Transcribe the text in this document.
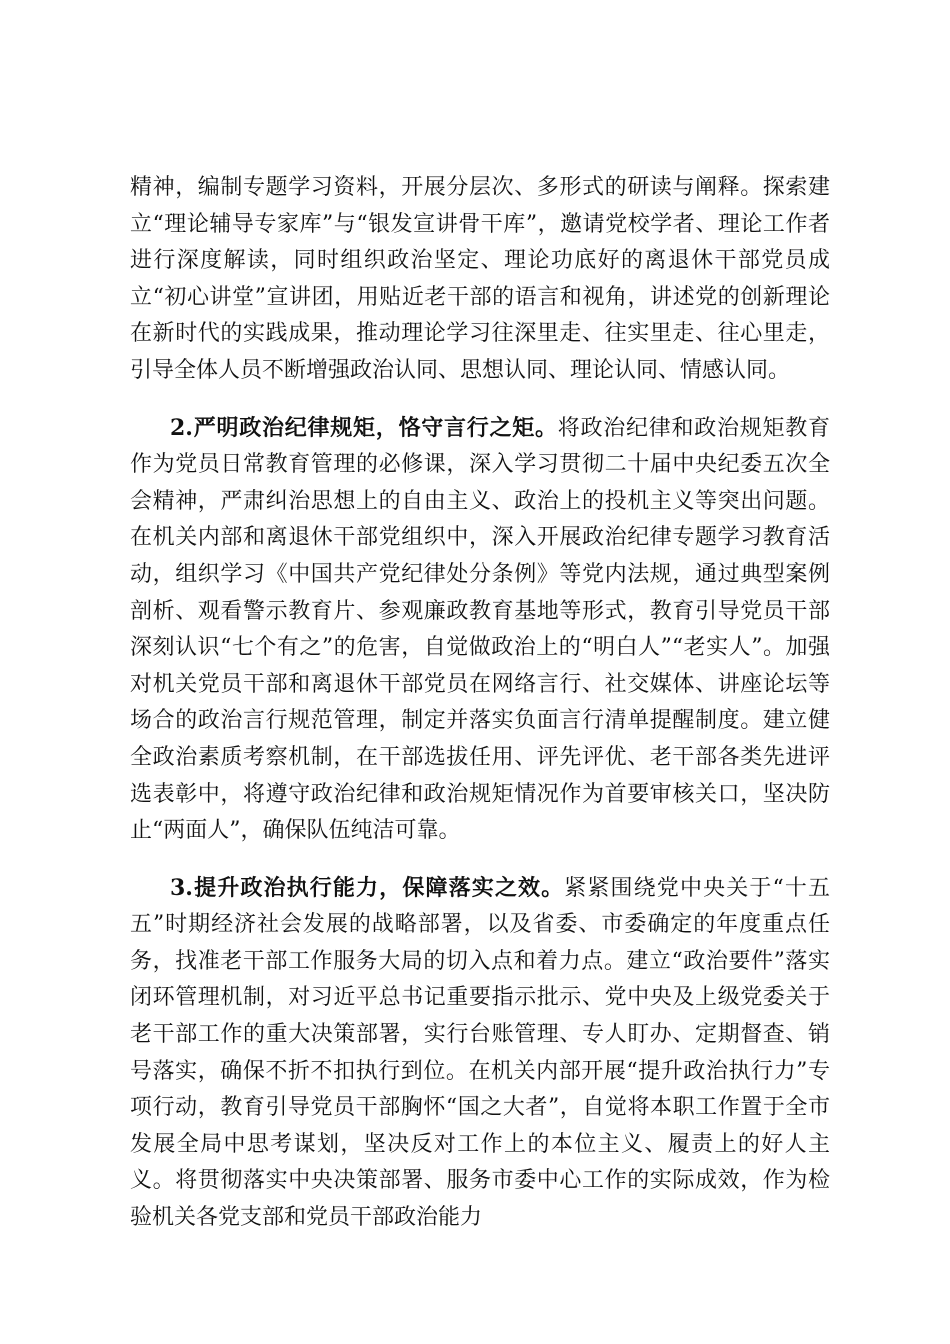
精神，编制专题学习资料，开展分层次、多形式的研读与阐释。探索建立“理论辅导专家库”与“银发宣讲骨干库”，邀请党校学者、理论工作者进行深度解读，同时组织政治坚定、理论功底好的离退休干部党员成立“初心讲堂”宣讲团，用贴近老干部的语言和视角，讲述党的创新理论在新时代的实践成果，推动理论学习往深里走、往实里走、往心里走，引导全体人员不断增强政治认同、思想认同、理论认同、情感认同。

2.严明政治纪律规矩，恪守言行之矩。将政治纪律和政治规矩教育作为党员日常教育管理的必修课，深入学习贯彻二十届中央纪委五次全会精神，严肃纠治思想上的自由主义、政治上的投机主义等突出问题。在机关内部和离退休干部党组织中，深入开展政治纪律专题学习教育活动，组织学习《中国共产党纪律处分条例》等党内法规，通过典型案例剖析、观看警示教育片、参观廉政教育基地等形式，教育引导党员干部深刻认识“七个有之”的危害，自觉做政治上的“明白人”“老实人”。加强对机关党员干部和离退休干部党员在网络言行、社交媒体、讲座论坛等场合的政治言行规范管理，制定并落实负面言行清单提醒制度。建立健全政治素质考察机制，在干部选拔任用、评先评优、老干部各类先进评选表彰中，将遵守政治纪律和政治规矩情况作为首要审核关口，坚决防止“两面人”，确保队伍纯洁可靠。

3.提升政治执行能力，保障落实之效。紧紧围绕党中央关于“十五五”时期经济社会发展的战略部署，以及省委、市委确定的年度重点任务，找准老干部工作服务大局的切入点和着力点。建立“政治要件”落实闭环管理机制，对习近平总书记重要指示批示、党中央及上级党委关于老干部工作的重大决策部署，实行台账管理、专人盯办、定期督查、销号落实，确保不折不扣执行到位。在机关内部开展“提升政治执行力”专项行动，教育引导党员干部胸怀“国之大者”，自觉将本职工作置于全市发展全局中思考谋划，坚决反对工作上的本位主义、履责上的好人主义。将贯彻落实中央决策部署、服务市委中心工作的实际成效，作为检验机关各党支部和党员干部政治能力
